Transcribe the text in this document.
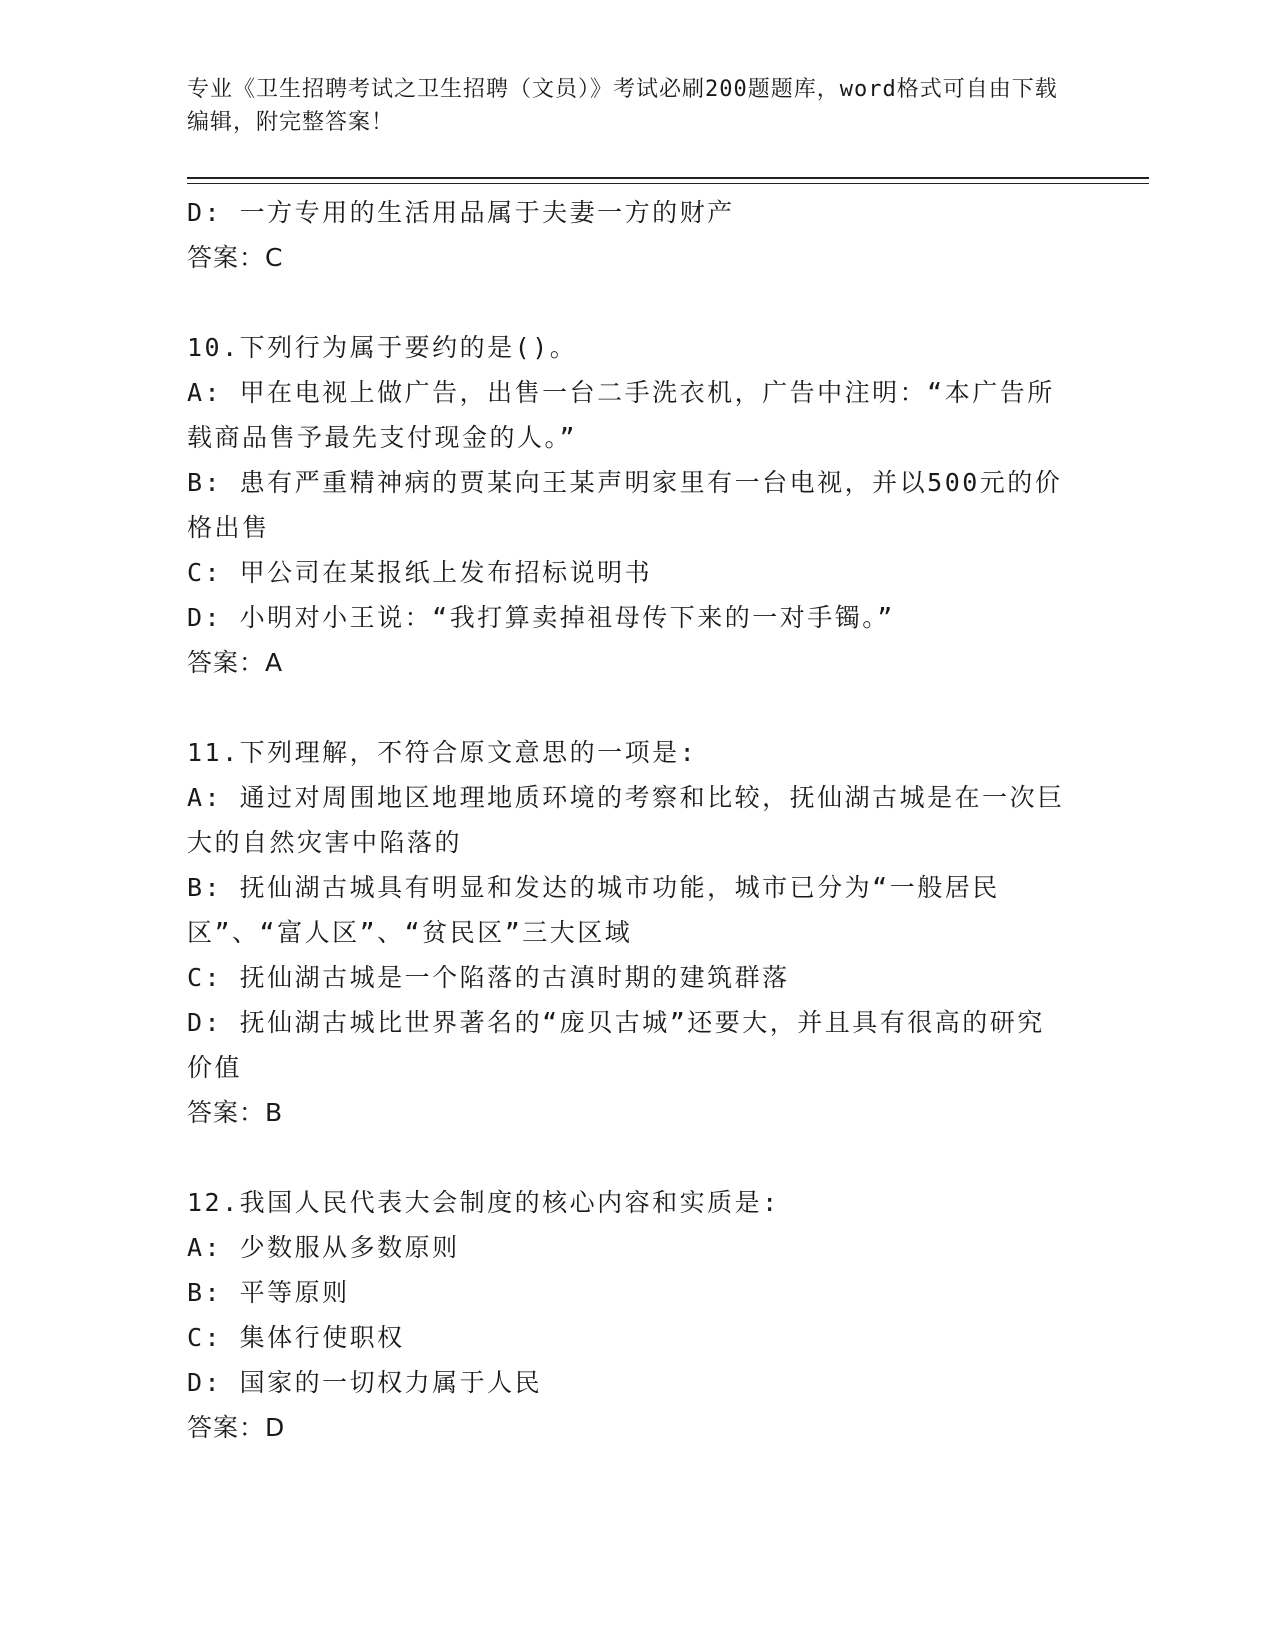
专业《卫生招聘考试之卫生招聘（文员）》考试必刷200题题库，word格式可自由下载编辑，附完整答案！
D: 一方专用的生活用品属于夫妻一方的财产
答案：C
10.下列行为属于要约的是()。
A: 甲在电视上做广告，出售一台二手洗衣机，广告中注明：“本广告所载商品售予最先支付现金的人。”
B: 患有严重精神病的贾某向王某声明家里有一台电视，并以500元的价格出售
C: 甲公司在某报纸上发布招标说明书
D: 小明对小王说：“我打算卖掉祖母传下来的一对手镯。”
答案：A
11.下列理解，不符合原文意思的一项是:
A: 通过对周围地区地理地质环境的考察和比较，抚仙湖古城是在一次巨大的自然灾害中陷落的
B: 抚仙湖古城具有明显和发达的城市功能，城市已分为“一般居民区”、“富人区”、“贫民区”三大区域
C: 抚仙湖古城是一个陷落的古滇时期的建筑群落
D: 抚仙湖古城比世界著名的“庞贝古城”还要大，并且具有很高的研究价值
答案：B
12.我国人民代表大会制度的核心内容和实质是:
A: 少数服从多数原则
B: 平等原则
C: 集体行使职权
D: 国家的一切权力属于人民
答案：D
